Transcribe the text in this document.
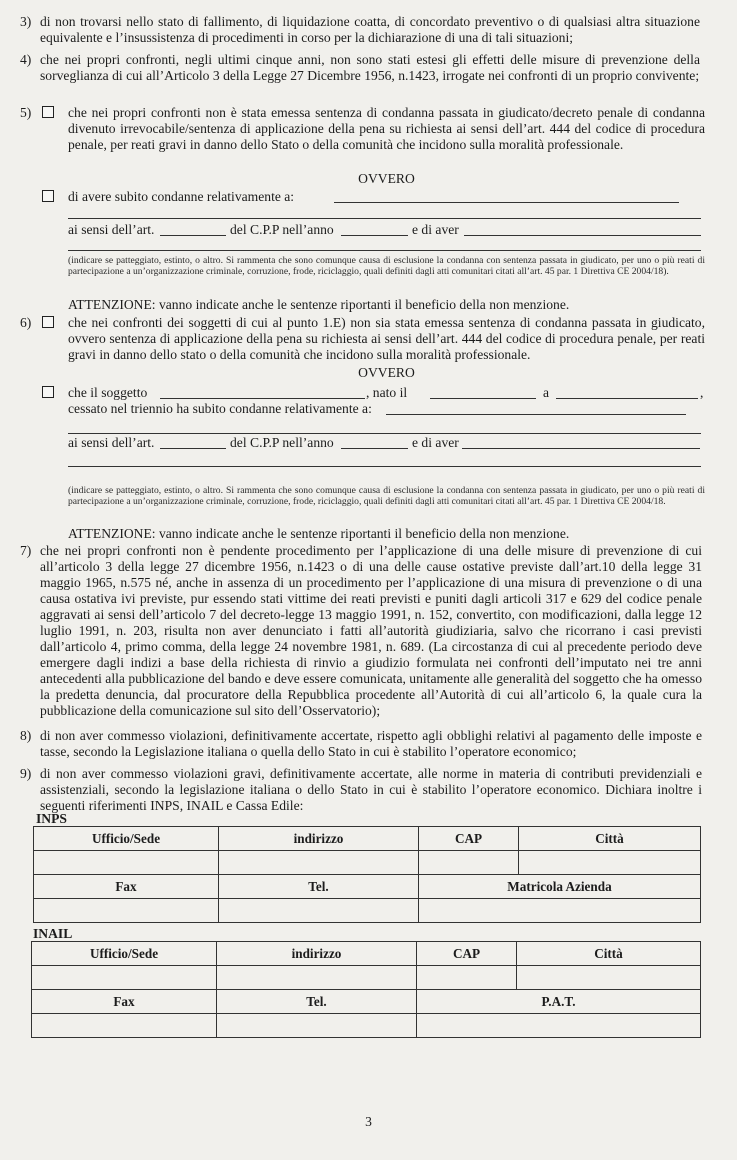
3) di non trovarsi nello stato di fallimento, di liquidazione coatta, di concordato preventivo o di qualsiasi altra situazione equivalente e l’insussistenza di procedimenti in corso per la dichiarazione di una di tali situazioni;
4) che nei propri confronti, negli ultimi cinque anni, non sono stati estesi gli effetti delle misure di prevenzione della sorveglianza di cui all’Articolo 3 della Legge 27 Dicembre 1956, n.1423, irrogate nei confronti di un proprio convivente;
5)	che nei propri confronti non è stata emessa sentenza di condanna passata in giudicato/decreto penale di condanna divenuto irrevocabile/sentenza di applicazione della pena su richiesta ai sensi dell’art. 444 del codice di procedura penale, per reati gravi in danno dello Stato o della comunità che incidono sulla moralità professionale.
OVVERO
di avere subito condanne relativamente a:
ai sensi dell’art.	del C.P.P nell’anno	e di aver
(indicare se patteggiato, estinto, o altro. Si rammenta che sono comunque causa di esclusione la condanna con sentenza passata in giudicato, per uno o più reati di partecipazione a un’organizzazione criminale, corruzione, frode, riciclaggio, quali definiti dagli atti comunitari citati all’art. 45 par. 1 Direttiva CE 2004/18).
ATTENZIONE: vanno indicate anche le sentenze riportanti il beneficio della non menzione.
6)	che nei confronti dei soggetti di cui al punto 1.E) non sia stata emessa sentenza di condanna passata in giudicato, ovvero sentenza di applicazione della pena su richiesta ai sensi dell’art. 444 del codice di procedura penale, per reati gravi in danno dello stato o della comunità che incidono sulla moralità professionale.
OVVERO
che il soggetto	, nato il	a	,
cessato nel triennio ha subito condanne relativamente a:
ai sensi dell’art.	del C.P.P nell’anno	e di aver
(indicare se patteggiato, estinto, o altro. Si rammenta che sono comunque causa di esclusione la condanna con sentenza passata in giudicato, per uno o più reati di partecipazione a un’organizzazione criminale, corruzione, frode, riciclaggio, quali definiti dagli atti comunitari citati all’art. 45 par. 1 Direttiva CE 2004/18.
ATTENZIONE: vanno indicate anche le sentenze riportanti il beneficio della non menzione.
7) che nei propri confronti non è pendente procedimento per l’applicazione di una delle misure di prevenzione di cui all’articolo 3 della legge 27 dicembre 1956, n.1423 o di una delle cause ostative previste dall’art.10 della legge 31 maggio 1965, n.575 né, anche in assenza di un procedimento per l’applicazione di una misura di prevenzione o di una causa ostativa ivi previste, pur essendo stati vittime dei reati previsti e puniti dagli articoli 317 e 629 del codice penale aggravati ai sensi dell’articolo 7 del decreto-legge 13 maggio 1991, n. 152, convertito, con modificazioni, dalla legge 12 luglio 1991, n. 203, risulta non aver denunciato i fatti all’autorità giudiziaria, salvo che ricorrano i casi previsti dall’articolo 4, primo comma, della legge 24 novembre 1981, n. 689. (La circostanza di cui al precedente periodo deve emergere dagli indizi a base della richiesta di rinvio a giudizio formulata nei confronti dell’imputato nei tre anni antecedenti alla pubblicazione del bando e deve essere comunicata, unitamente alle generalità del soggetto che ha omesso la predetta denuncia, dal procuratore della Repubblica procedente all’Autorità di cui all’articolo 6, la quale cura la pubblicazione della comunicazione sul sito dell’Osservatorio);
8) di non aver commesso violazioni, definitivamente accertate, rispetto agli obblighi relativi al pagamento delle imposte e tasse, secondo la Legislazione italiana o quella dello Stato in cui è stabilito l’operatore economico;
9) di non aver commesso violazioni gravi, definitivamente accertate, alle norme in materia di contributi previdenziali e assistenziali, secondo la legislazione italiana o dello Stato in cui è stabilito l’operatore economico. Dichiara inoltre i seguenti riferimenti INPS, INAIL e Cassa Edile:
INPS
Ufficio/Sede	indirizzo	CAP	Città

Fax	Tel.	Matricola Azienda	

INAIL
Ufficio/Sede	indirizzo	CAP	Città

Fax	Tel.	P.A.T.	

3
